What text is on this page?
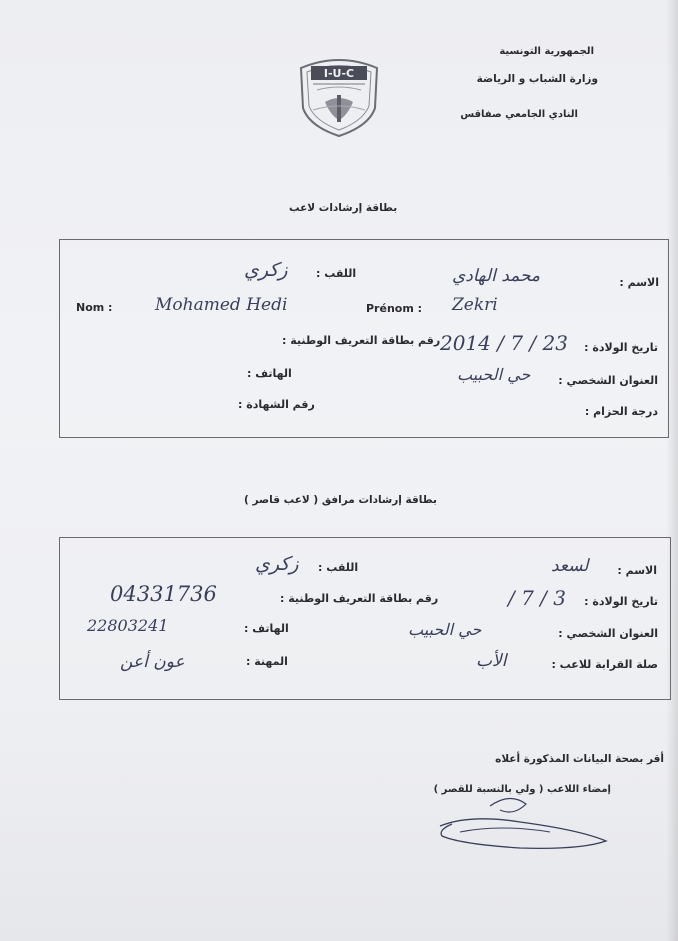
الجمهورية التونسية
وزارة الشباب و الرياضة
النادي الجامعي صفاقس
I-U-C
بطاقة إرشادات لاعب
الاسم :
محمد الهادي
اللقب :
زكري
Nom :	Mohamed Hedi	Prénom : Zekri
تاريخ الولادة :
2014 / 7 / 23
رقم بطاقة التعريف الوطنية :
العنوان الشخصي :
حي الحبيب
الهاتف :
درجة الحزام :
رقم الشهادة :
بطاقة إرشادات مرافق ( لاعب قاصر )
الاسم :
لسعد
اللقب :
زكري
تاريخ الولادة :
/ 7 / 3
رقم بطاقة التعريف الوطنية :
04331736
العنوان الشخصي :
حي الحبيب
الهاتف :
22803241
صلة القرابة للاعب :
الأب
المهنة :
عون أعن
أقر بصحة البيانات المذكورة أعلاه
إمضاء اللاعب ( ولي بالنسبة للقصر )
